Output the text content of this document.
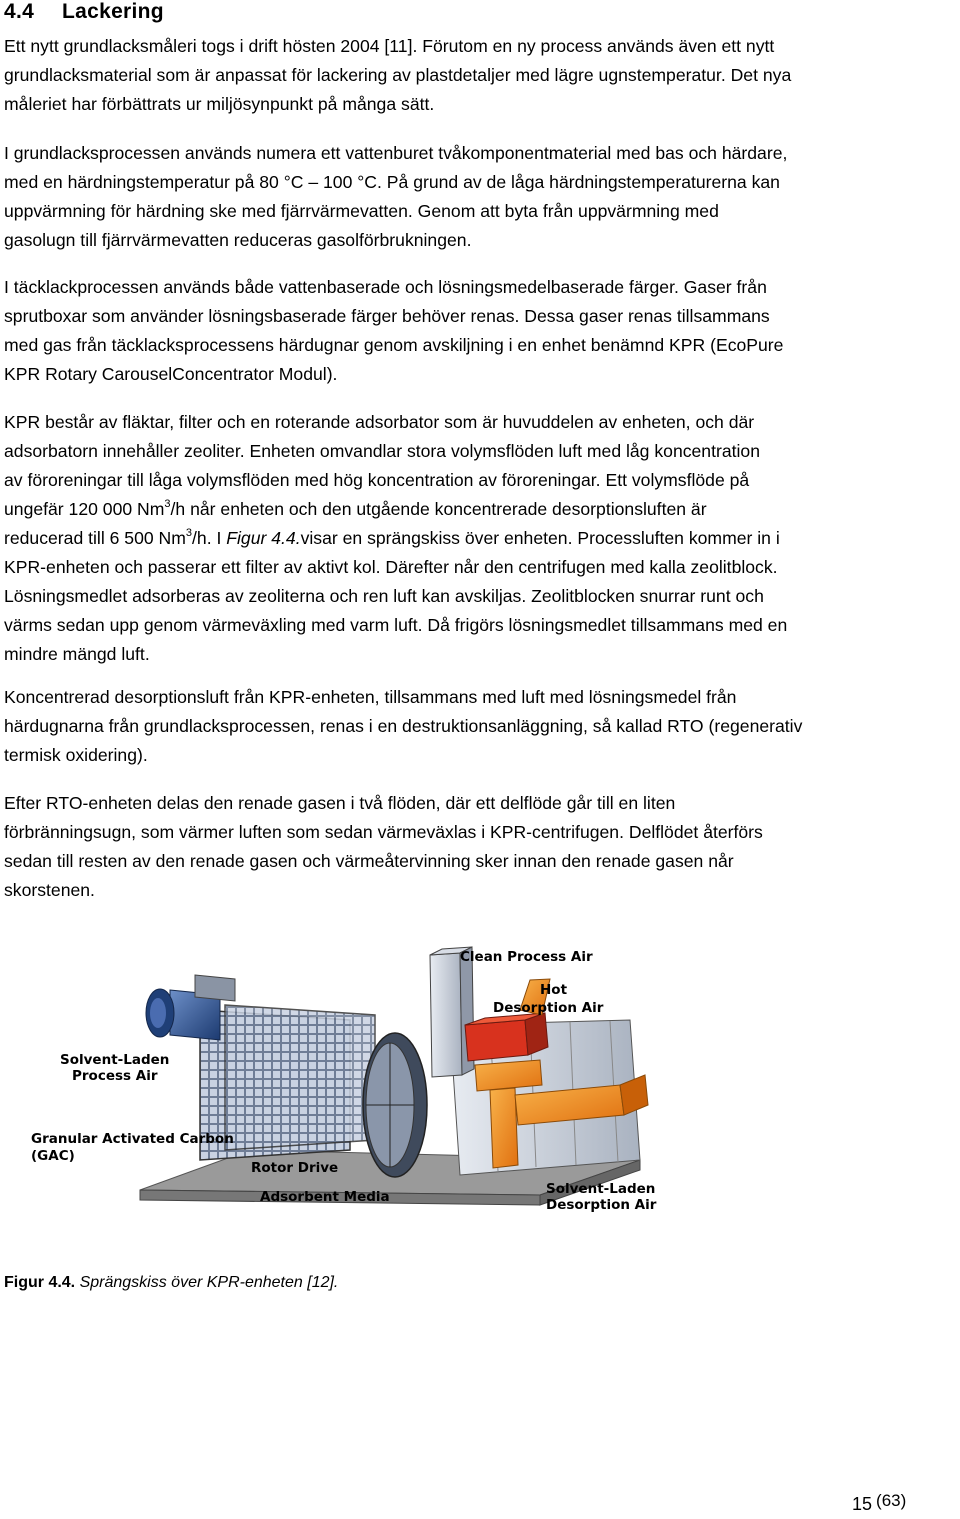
4.4 Lackering

Ett nytt grundlacksmåleri togs i drift hösten 2004 [11]. Förutom en ny process används även ett nytt
grundlacksmaterial som är anpassat för lackering av plastdetaljer med lägre ugnstemperatur. Det nya
måleriet har förbättrats ur miljösynpunkt på många sätt.

I grundlacksprocessen används numera ett vattenburet tvåkomponentmaterial med bas och härdare,
med en härdningstemperatur på 80 °C – 100 °C. På grund av de låga härdningstemperaturerna kan
uppvärmning för härdning ske med fjärrvärmevatten. Genom att byta från uppvärmning med
gasolugn till fjärrvärmevatten reduceras gasolförbrukningen.

I täcklackprocessen används både vattenbaserade och lösningsmedelbaserade färger. Gaser från
sprutboxar som använder lösningsbaserade färger behöver renas. Dessa gaser renas tillsammans
med gas från täcklacksprocessens härdugnar genom avskiljning i en enhet benämnd KPR (EcoPure
KPR Rotary CarouselConcentrator Modul).

KPR består av fläktar, filter och en roterande adsorbator som är huvuddelen av enheten, och där
adsorbatorn innehåller zeoliter. Enheten omvandlar stora volymsflöden luft med låg koncentration
av föroreningar till låga volymsflöden med hög koncentration av föroreningar. Ett volymsflöde på
ungefär 120 000 Nm$^3$/h når enheten och den utgående koncentrerade desorptionsluften är
reducerad till 6 500 Nm$^3$/h. I Figur 4.4.visar en sprängskiss över enheten. Processluften kommer in i
KPR-enheten och passerar ett filter av aktivt kol. Därefter når den centrifugen med kalla zeolitblock.
Lösningsmedlet adsorberas av zeoliterna och ren luft kan avskiljas. Zeolitblocken snurrar runt och
värms sedan upp genom värmeväxling med varm luft. Då frigörs lösningsmedlet tillsammans med en
mindre mängd luft.

Koncentrerad desorptionsluft från KPR-enheten, tillsammans med luft med lösningsmedel från
härdugnarna från grundlacksprocessen, renas i en destruktionsanläggning, så kallad RTO (regenerativ
termisk oxidering).

Efter RTO-enheten delas den renade gasen i två flöden, där ett delflöde går till en liten
förbränningsugn, som värmer luften som sedan värmeväxlas i KPR-centrifugen. Delflödet återförs
sedan till resten av den renade gasen och värmeåtervinning sker innan den renade gasen når
skorstenen.

Clean Process Air
Hot
Desorption Air
Solvent-Laden
Process Air
Granular Activated Carbon
(GAC)
Rotor Drive
Adsorbent Media	Solvent-Laden
Desorption Air

Figur 4.4. Sprängskiss över KPR-enheten [12].

15 (63)
